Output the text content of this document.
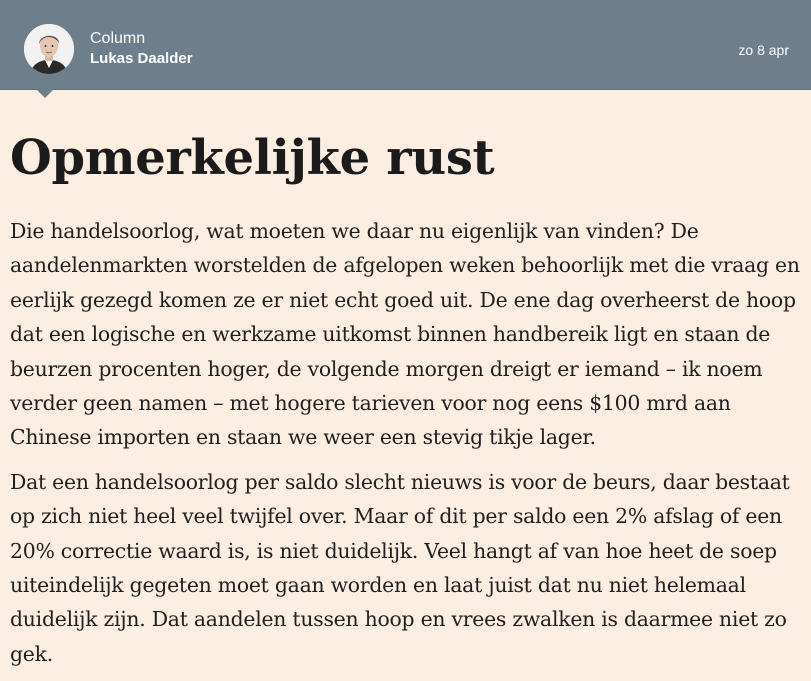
Column
Lukas Daalder	zo 8 apr
Opmerkelijke rust

Die handelsoorlog, wat moeten we daar nu eigenlijk van vinden? De aandelenmarkten worstelden de afgelopen weken behoorlijk met die vraag en eerlijk gezegd komen ze er niet echt goed uit. De ene dag overheerst de hoop dat een logische en werkzame uitkomst binnen handbereik ligt en staan de beurzen procenten hoger, de volgende morgen dreigt er iemand – ik noem verder geen namen – met hogere tarieven voor nog eens $100 mrd aan Chinese importen en staan we weer een stevig tikje lager.

Dat een handelsoorlog per saldo slecht nieuws is voor de beurs, daar bestaat op zich niet heel veel twijfel over. Maar of dit per saldo een 2% afslag of een 20% correctie waard is, is niet duidelijk. Veel hangt af van hoe heet de soep uiteindelijk gegeten moet gaan worden en laat juist dat nu niet helemaal duidelijk zijn. Dat aandelen tussen hoop en vrees zwalken is daarmee niet zo gek.
